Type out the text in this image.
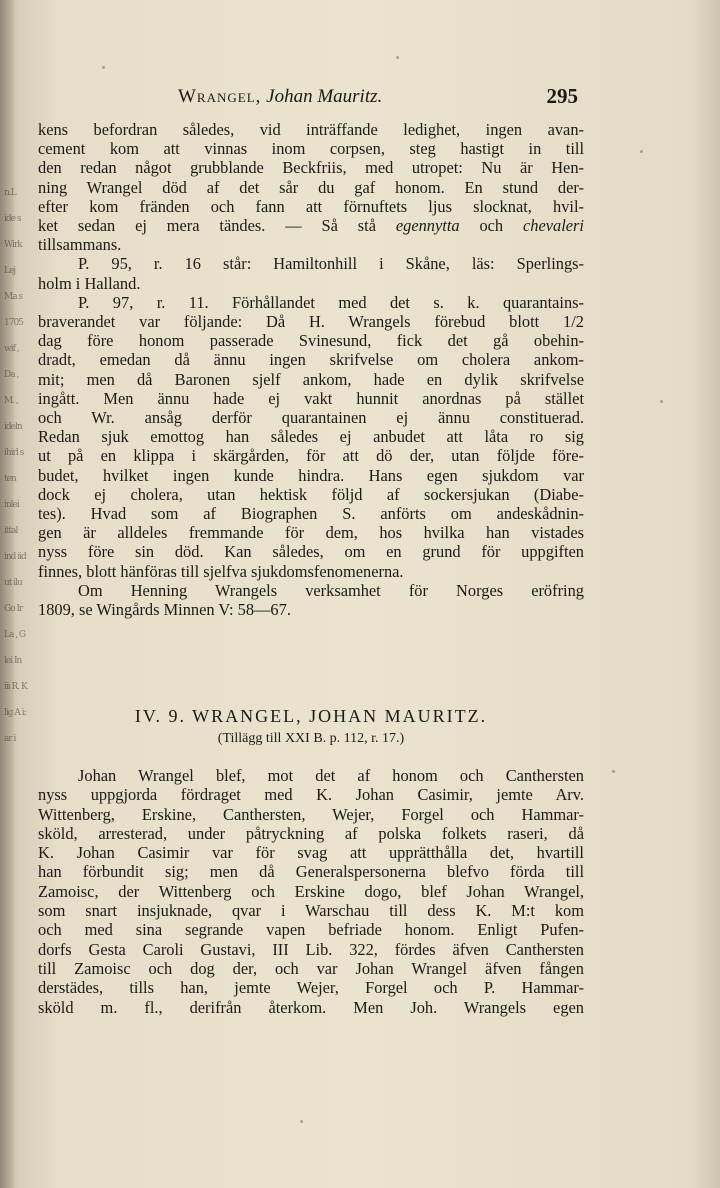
n.L ide s Wirk Lej Ma s 1705 wif , Da , M. , ideln ihirl s ten inlei ittal ind iid ut ilu Go Ir La , G lei In iii R. K lig A i: ar i
Wrangel, Johan Mauritz.	295
kens befordran således, vid inträffande ledighet, ingen avan-
cement kom att vinnas inom corpsen, steg hastigt in till
den redan något grubblande Beckfriis, med utropet: Nu är Hen-
ning Wrangel död af det sår du gaf honom. En stund der-
efter kom fränden och fann att förnuftets ljus slocknat, hvil-
ket sedan ej mera tändes. — Så stå egennytta och chevaleri
tillsammans.
P. 95, r. 16 står: Hamiltonhill i Skåne, läs: Sperlings-
holm i Halland.
P. 97, r. 11. Förhållandet med det s. k. quarantains-
braverandet var följande: Då H. Wrangels förebud blott 1/2
dag före honom passerade Svinesund, fick det gå obehin-
dradt, emedan då ännu ingen skrifvelse om cholera ankom-
mit; men då Baronen sjelf ankom, hade en dylik skrifvelse
ingått. Men ännu hade ej vakt hunnit anordnas på stället
och Wr. ansåg derför quarantainen ej ännu constituerad.
Redan sjuk emottog han således ej anbudet att låta ro sig
ut på en klippa i skärgården, för att dö der, utan följde före-
budet, hvilket ingen kunde hindra. Hans egen sjukdom var
dock ej cholera, utan hektisk följd af sockersjukan (Diabe-
tes). Hvad som af Biographen S. anförts om andeskådnin-
gen är alldeles fremmande för dem, hos hvilka han vistades
nyss före sin död. Kan således, om en grund för uppgiften
finnes, blott hänföras till sjelfva sjukdomsfenomenerna.
Om Henning Wrangels verksamhet för Norges eröfring
1809, se Wingårds Minnen V: 58—67.
IV. 9. WRANGEL, JOHAN MAURITZ.
(Tillägg till XXI B. p. 112, r. 17.)
Johan Wrangel blef, mot det af honom och Canthersten
nyss uppgjorda fördraget med K. Johan Casimir, jemte Arv.
Wittenberg, Erskine, Canthersten, Wejer, Forgel och Hammar-
sköld, arresterad, under påtryckning af polska folkets raseri, då
K. Johan Casimir var för svag att upprätthålla det, hvartill
han förbundit sig; men då Generalspersonerna blefvo förda till
Zamoisc, der Wittenberg och Erskine dogo, blef Johan Wrangel,
som snart insjuknade, qvar i Warschau till dess K. M:t kom
och med sina segrande vapen befriade honom. Enligt Pufen-
dorfs Gesta Caroli Gustavi, III Lib. 322, fördes äfven Canthersten
till Zamoisc och dog der, och var Johan Wrangel äfven fången
derstädes, tills han, jemte Wejer, Forgel och P. Hammar-
sköld m. fl., derifrån återkom. Men Joh. Wrangels egen
